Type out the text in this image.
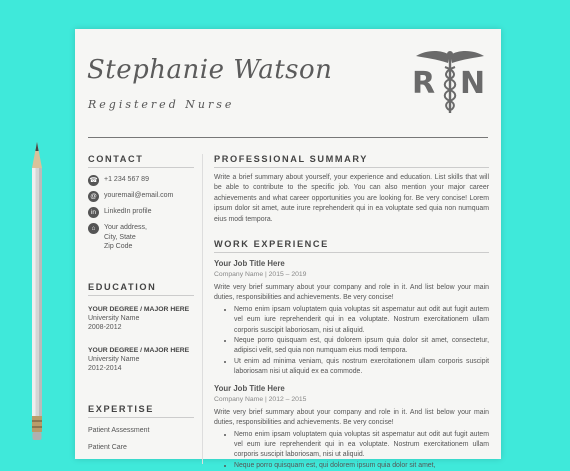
Stephanie Watson
Registered Nurse
R N
CONTACT
☎ +1 234 567 89
@	youremail@email.com
in	LinkedIn profile
⌂	Your address,
City, State
Zip Code
EDUCATION
YOUR DEGREE / MAJOR HERE
University Name
2008-2012
YOUR DEGREE / MAJOR HERE
University Name
2012-2014
EXPERTISE
Patient Assessment
Patient Care
PROFESSIONAL SUMMARY

Write a brief summary about yourself, your experience and education. List skills that will be able to contribute to the specific job. You can also mention your major career achievements and what career opportunities you are looking for. Be very concise! Lorem ipsum dolor sit amet, aute irure reprehenderit qui in ea voluptate sed quia non numquam eius modi tempora.

WORK EXPERIENCE
Your Job Title Here
Company Name | 2015 – 2019

Write very brief summary about your company and role in it. And list below your main duties, responsibilities and achievements. Be very concise!

• Nemo enim ipsam voluptatem quia voluptas sit aspernatur aut odit aut fugit autem vel eum iure reprehenderit qui in ea voluptate. Nostrum exercitationem ullam corporis suscipit laboriosam, nisi ut aliquid.
• Neque porro quisquam est, qui dolorem ipsum quia dolor sit amet, consectetur, adipisci velit, sed quia non numquam eius modi tempora.
• Ut enim ad minima veniam, quis nostrum exercitationem ullam corporis suscipit laboriosam nisi ut aliquid ex ea commode.
Your Job Title Here
Company Name | 2012 – 2015

Write very brief summary about your company and role in it. And list below your main duties, responsibilities and achievements. Be very concise!

• Nemo enim ipsam voluptatem quia voluptas sit aspernatur aut odit aut fugit autem vel eum iure reprehenderit qui in ea voluptate. Nostrum exercitationem ullam corporis suscipit laboriosam, nisi ut aliquid.
• Neque porro quisquam est, qui dolorem ipsum quia dolor sit amet,
